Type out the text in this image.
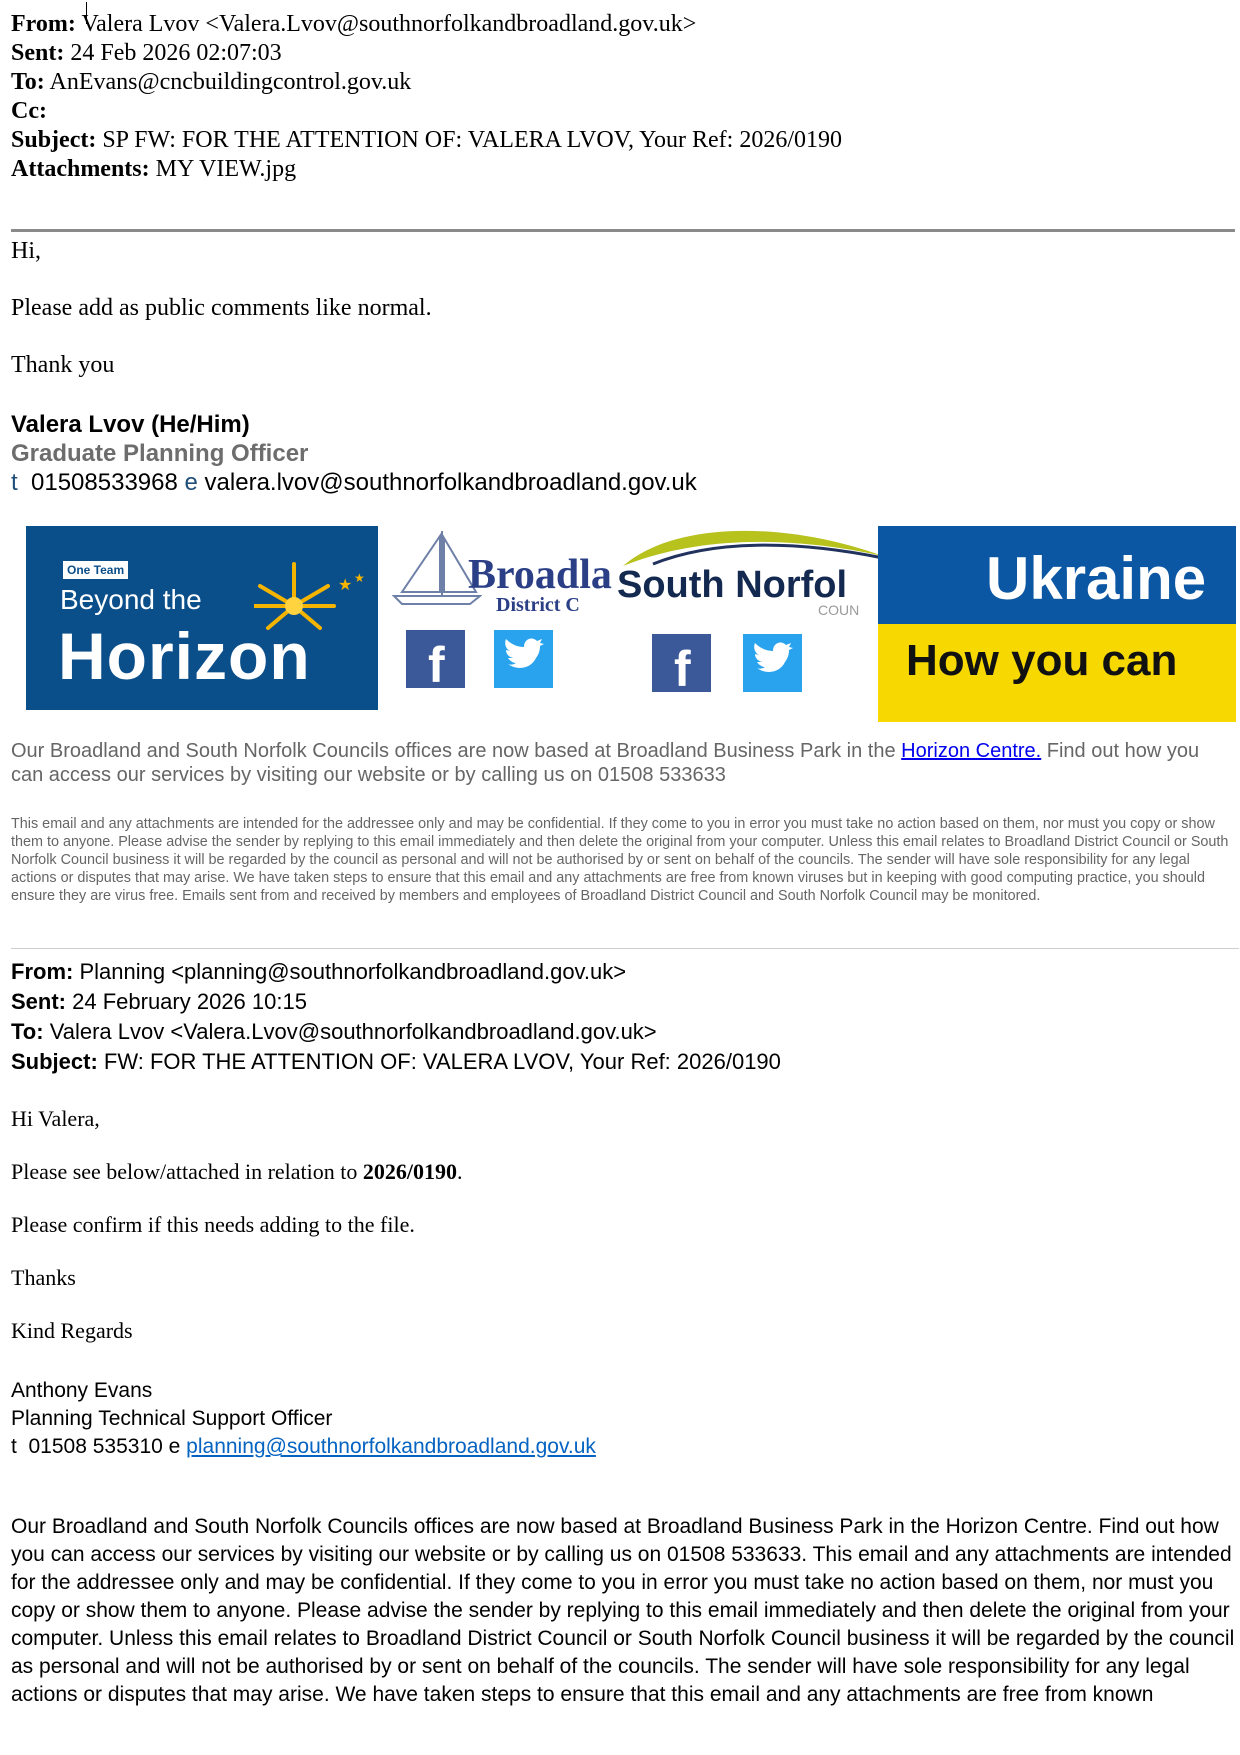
From: Valera Lvov <Valera.Lvov@southnorfolkandbroadland.gov.uk>
Sent: 24 Feb 2026 02:07:03
To: AnEvans@cncbuildingcontrol.gov.uk
Cc:
Subject: SP FW: FOR THE ATTENTION OF: VALERA LVOV, Your Ref: 2026/0190
Attachments: MY VIEW.jpg

Hi,

Please add as public comments like normal.

Thank you

Valera Lvov (He/Him)
Graduate Planning Officer
t 01508533968 e valera.lvov@southnorfolkandbroadland.gov.uk
One Team
Beyond the
Horizon
★ ★ Broadla
District C
f
South Norfol
COUN
f
Ukraine
How you can
Our Broadland and South Norfolk Councils offices are now based at Broadland Business Park in the Horizon Centre. Find out how you can access our services by visiting our website or by calling us on 01508 533633
This email and any attachments are intended for the addressee only and may be confidential. If they come to you in error you must take no action based on them, nor must you copy or show them to anyone. Please advise the sender by replying to this email immediately and then delete the original from your computer. Unless this email relates to Broadland District Council or South Norfolk Council business it will be regarded by the council as personal and will not be authorised by or sent on behalf of the councils. The sender will have sole responsibility for any legal actions or disputes that may arise. We have taken steps to ensure that this email and any attachments are free from known viruses but in keeping with good computing practice, you should ensure they are virus free. Emails sent from and received by members and employees of Broadland District Council and South Norfolk Council may be monitored.
From: Planning <planning@southnorfolkandbroadland.gov.uk>
Sent: 24 February 2026 10:15
To: Valera Lvov <Valera.Lvov@southnorfolkandbroadland.gov.uk>
Subject: FW: FOR THE ATTENTION OF: VALERA LVOV, Your Ref: 2026/0190

Hi Valera,

Please see below/attached in relation to 2026/0190.

Please confirm if this needs adding to the file.

Thanks

Kind Regards

Anthony Evans
Planning Technical Support Officer
t  01508 535310 e planning@southnorfolkandbroadland.gov.uk
Our Broadland and South Norfolk Councils offices are now based at Broadland Business Park in the Horizon Centre. Find out how you can access our services by visiting our website or by calling us on 01508 533633. This email and any attachments are intended for the addressee only and may be confidential. If they come to you in error you must take no action based on them, nor must you copy or show them to anyone. Please advise the sender by replying to this email immediately and then delete the original from your computer. Unless this email relates to Broadland District Council or South Norfolk Council business it will be regarded by the council as personal and will not be authorised by or sent on behalf of the councils. The sender will have sole responsibility for any legal actions or disputes that may arise. We have taken steps to ensure that this email and any attachments are free from known
